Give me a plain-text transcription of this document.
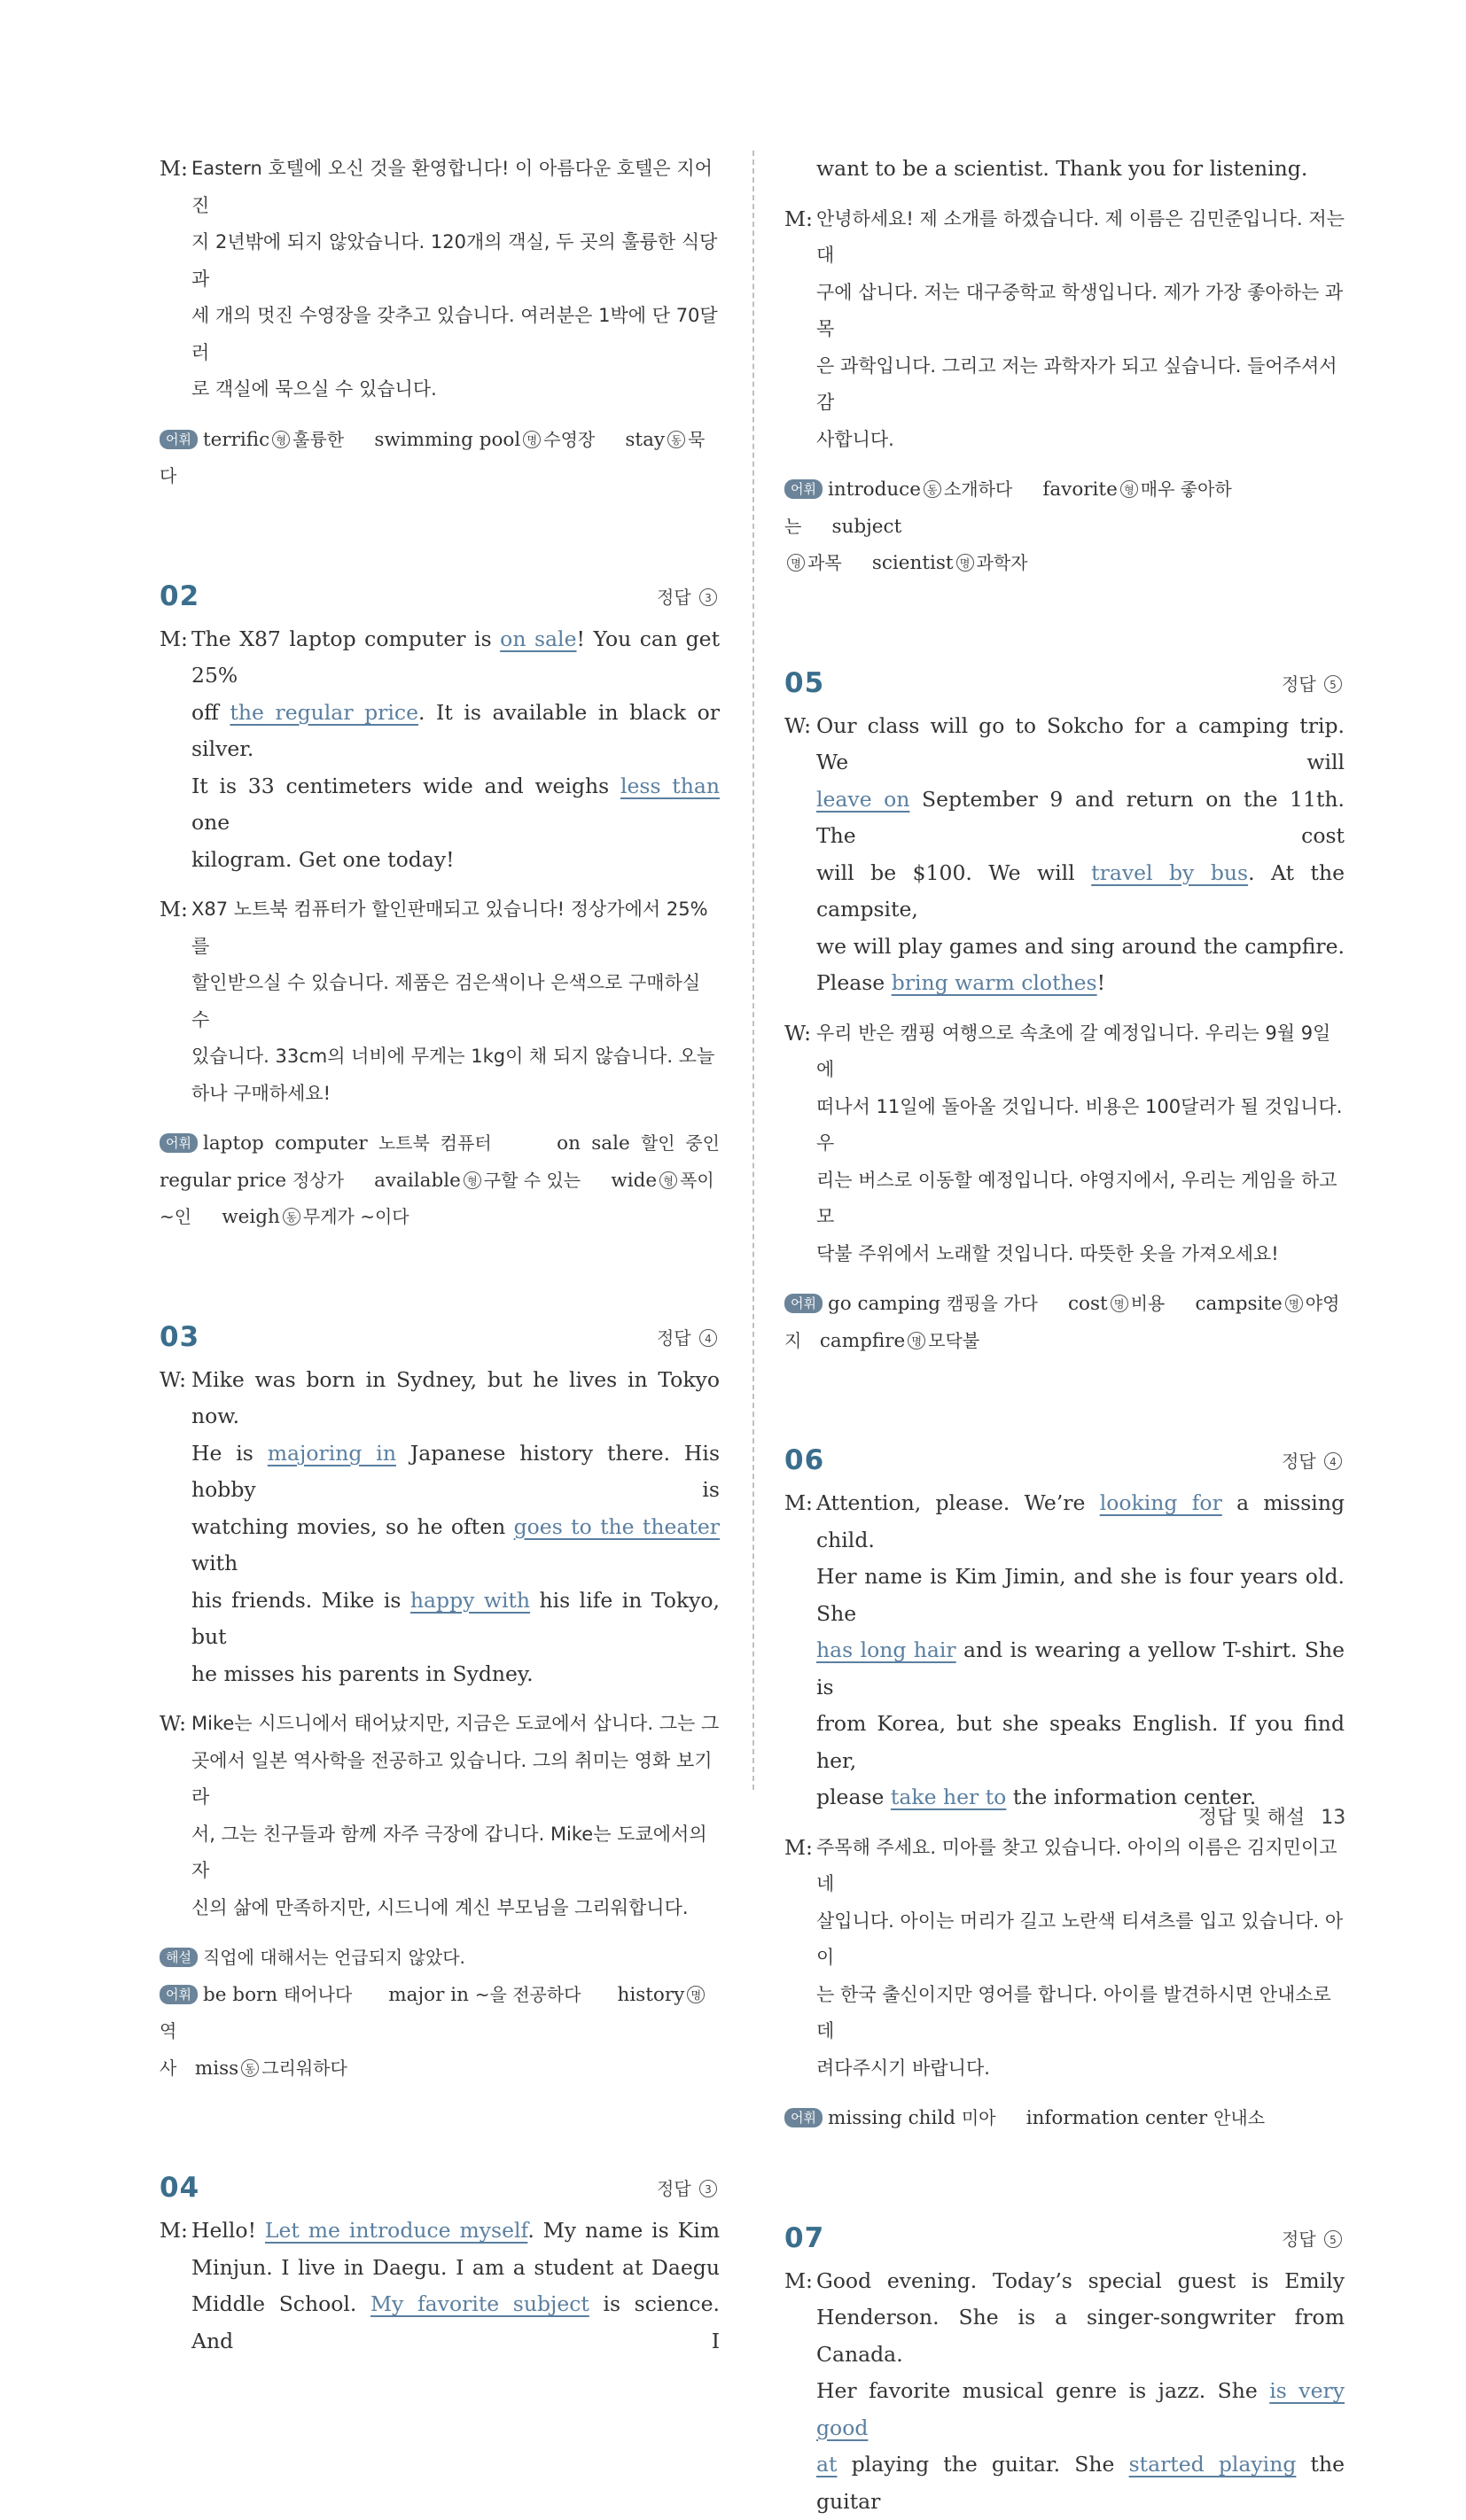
M: Eastern 호텔에 오신 것을 환영합니다! 이 아름다운 호텔은 지어진
지 2년밖에 되지 않았습니다. 120개의 객실, 두 곳의 훌륭한 식당과
세 개의 멋진 수영장을 갖추고 있습니다. 여러분은 1박에 단 70달러
로 객실에 묵으실 수 있습니다.
어휘 terrific 형 훌륭한 swimming pool 명 수영장 stay 동 묵
다
02	정답 3
M: The X87 laptop computer is on sale! You can get 25%
off the regular price. It is available in black or silver.
It is 33 centimeters wide and weighs less than one
kilogram. Get one today!
M: X87 노트북 컴퓨터가 할인판매되고 있습니다! 정상가에서 25%를
할인받으실 수 있습니다. 제품은 검은색이나 은색으로 구매하실 수
있습니다. 33cm의 너비에 무게는 1kg이 채 되지 않습니다. 오늘
하나 구매하세요!
어휘 laptop computer 노트북 컴퓨터	on sale 할인 중인
regular price 정상가 available 형 구할 수 있는 wide 형 폭이
~인 weigh 동 무게가 ~이다
03	정답 4
W: Mike was born in Sydney, but he lives in Tokyo now.
He is majoring in Japanese history there. His hobby is
watching movies, so he often goes to the theater with
his friends. Mike is happy with his life in Tokyo, but
he misses his parents in Sydney.
W: Mike는 시드니에서 태어났지만, 지금은 도쿄에서 삽니다. 그는 그
곳에서 일본 역사학을 전공하고 있습니다. 그의 취미는 영화 보기라
서, 그는 친구들과 함께 자주 극장에 갑니다. Mike는 도쿄에서의 자
신의 삶에 만족하지만, 시드니에 계신 부모님을 그리워합니다.
해설 직업에 대해서는 언급되지 않았다.
어휘 be born 태어나다 major in ~을 전공하다 history 명역
사 miss 동 그리워하다
04	정답 3
M: Hello! Let me introduce myself. My name is Kim
Minjun. I live in Daegu. I am a student at Daegu
Middle School. My favorite subject is science. And I
want to be a scientist. Thank you for listening.
M: 안녕하세요! 제 소개를 하겠습니다. 제 이름은 김민준입니다. 저는 대
구에 삽니다. 저는 대구중학교 학생입니다. 제가 가장 좋아하는 과목
은 과학입니다. 그리고 저는 과학자가 되고 싶습니다. 들어주셔서 감
사합니다.
어휘 introduce 동 소개하다 favorite 형 매우 좋아하는 subject
명 과목 scientist 명 과학자
05	정답 5
W: Our class will go to Sokcho for a camping trip. We will
leave on September 9 and return on the 11th. The cost
will be $100. We will travel by bus. At the campsite,
we will play games and sing around the campfire.
Please bring warm clothes!
W: 우리 반은 캠핑 여행으로 속초에 갈 예정입니다. 우리는 9월 9일에
떠나서 11일에 돌아올 것입니다. 비용은 100달러가 될 것입니다. 우
리는 버스로 이동할 예정입니다. 야영지에서, 우리는 게임을 하고 모
닥불 주위에서 노래할 것입니다. 따뜻한 옷을 가져오세요!
어휘 go camping 캠핑을 가다 cost 명 비용 campsite 명 야영
지 campfire 명 모닥불
06	정답 4
M: Attention, please. We’re looking for a missing child.
Her name is Kim Jimin, and she is four years old. She
has long hair and is wearing a yellow T-shirt. She is
from Korea, but she speaks English. If you find her,
please take her to the information center.
M: 주목해 주세요. 미아를 찾고 있습니다. 아이의 이름은 김지민이고 네
살입니다. 아이는 머리가 길고 노란색 티셔츠를 입고 있습니다. 아이
는 한국 출신이지만 영어를 합니다. 아이를 발견하시면 안내소로 데
려다주시기 바랍니다.
어휘 missing child 미아 information center 안내소
07	정답 5
M: Good evening. Today’s special guest is Emily
Henderson. She is a singer-songwriter from Canada.
Her favorite musical genre is jazz. She is very good
at playing the guitar. She started playing the guitar
정답 및 해설 13
